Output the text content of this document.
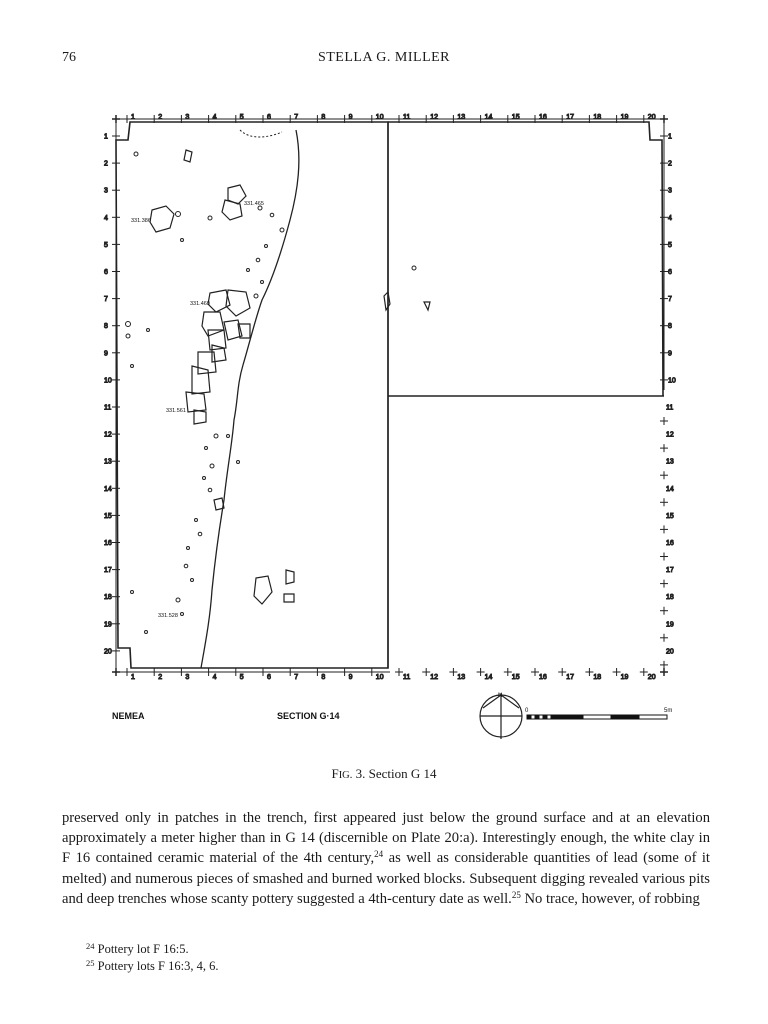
76	STELLA G. MILLER
331.386
331.465
331.469
331.561
331.528
1	2	3	4	5	6	7	8	9	10	11	12	13	14	15	16	17	18	19	20
1	2	3	4	5	6	7	8	9	10	11	12	13	14	15	16	17	18	19	20
1
2
3
4
5
6
7
8
9
10
11
12
13
14
15
16
17
18
19
20
1
2
3
4
5
6
7
8
9
10
11
12
13
14
15
16
17
18
19
20
NEMEA	SECTION G·14
N
0	5m
FIG. 3. Section G 14

preserved only in patches in the trench, first appeared just below the ground surface and at an elevation approximately a meter higher than in G 14 (discernible on Plate 20:a). Interestingly enough, the white clay in F 16 contained ceramic material of the 4th century,$^{24}$ as well as considerable quantities of lead (some of it melted) and numerous pieces of smashed and burned worked blocks. Subsequent digging revealed various pits and deep trenches whose scanty pottery suggested a 4th-century date as well.$^{25}$ No trace, however, of robbing

$^{24}$ Pottery lot F 16:5.
$^{25}$ Pottery lots F 16:3, 4, 6.
